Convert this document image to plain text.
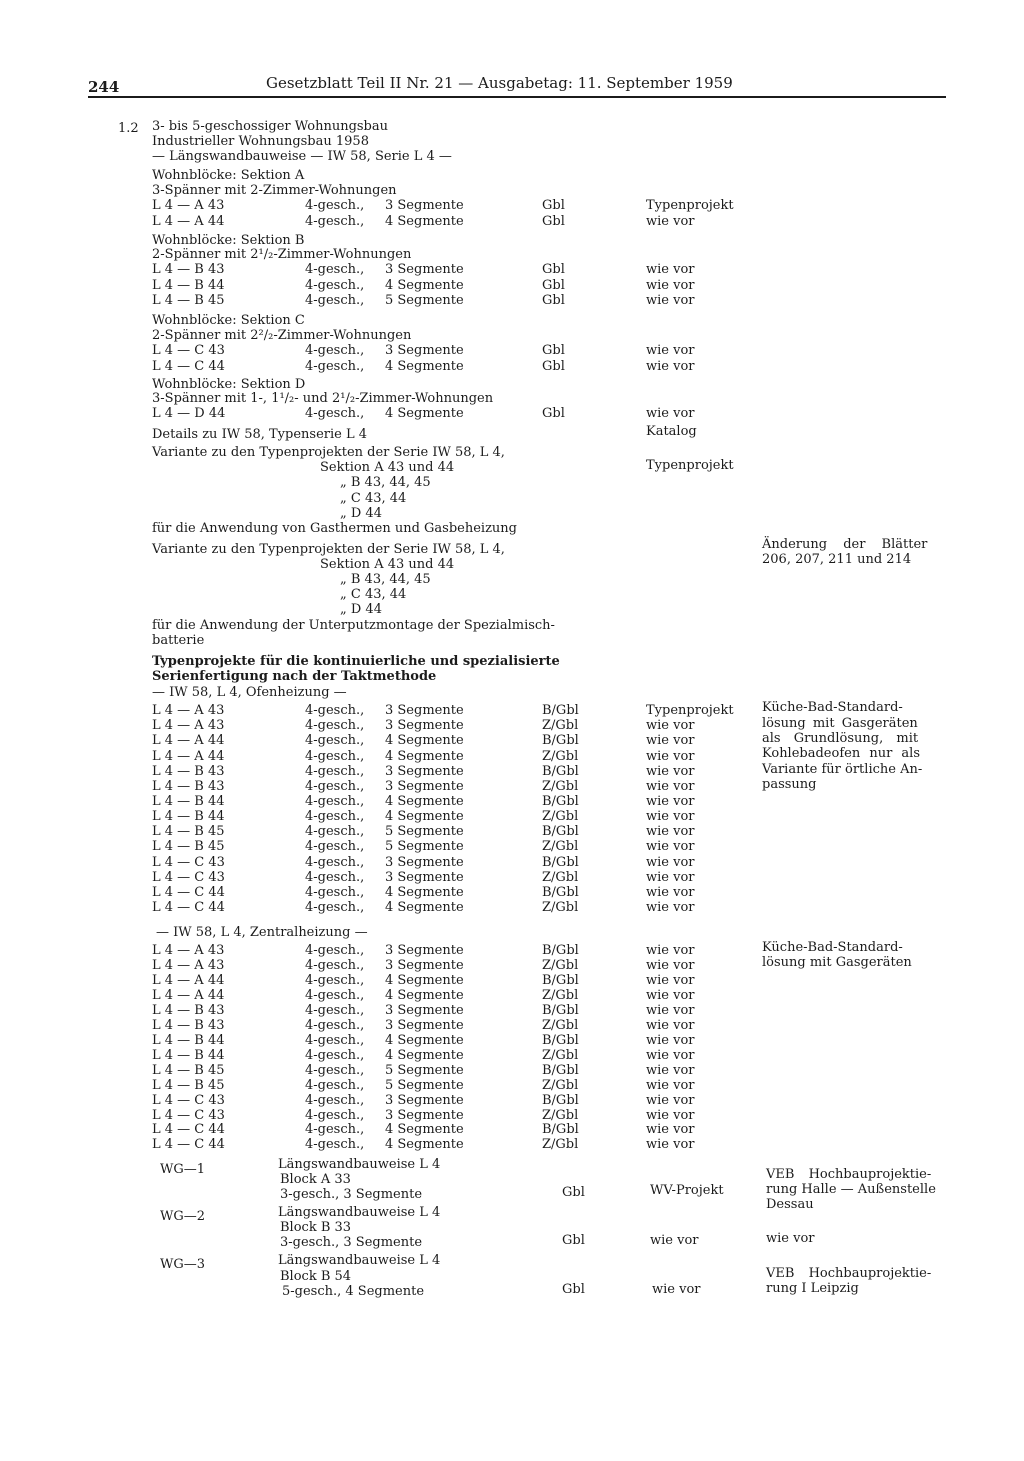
244	Gesetzblatt Teil II Nr. 21 — Ausgabetag: 11. September 1959
1.2 3- bis 5-geschossiger Wohnungsbau
Industrieller Wohnungsbau 1958
— Längswandbauweise — IW 58, Serie L 4 —
Wohnblöcke: Sektion A
3-Spänner mit 2-Zimmer-Wohnungen
L 4 — A 43	4-gesch., 3 Segmente	Gbl	Typenprojekt
L 4 — A 44	4-gesch., 4 Segmente	Gbl	wie vor
Wohnblöcke: Sektion B
2-Spänner mit 2¹/₂-Zimmer-Wohnungen
L 4 — B 43	4-gesch., 3 Segmente	Gbl	wie vor
L 4 — B 44	4-gesch., 4 Segmente	Gbl	wie vor
L 4 — B 45	4-gesch., 5 Segmente	Gbl	wie vor
Wohnblöcke: Sektion C
2-Spänner mit 2²/₂-Zimmer-Wohnungen
L 4 — C 43	4-gesch., 3 Segmente	Gbl	wie vor
L 4 — C 44	4-gesch., 4 Segmente	Gbl	wie vor
Wohnblöcke: Sektion D
3-Spänner mit 1-, 1¹/₂- und 2¹/₂-Zimmer-Wohnungen
L 4 — D 44	4-gesch., 4 Segmente	Gbl	wie vor
Details zu IW 58, Typenserie L 4	Katalog
Variante zu den Typenprojekten der Serie IW 58, L 4,
Sektion A 43 und 44
„ B 43, 44, 45
„ C 43, 44
„ D 44
für die Anwendung von Gasthermen und Gasbeheizung
Typenprojekt
Variante zu den Typenprojekten der Serie IW 58, L 4,
Sektion A 43 und 44
„ B 43, 44, 45
„ C 43, 44
„ D 44
für die Anwendung der Unterputzmontage der Spezialmisch-
batterie
Änderung der Blätter
206, 207, 211 und 214
Typenprojekte für die kontinuierliche und spezialisierte
Serienfertigung nach der Taktmethode
— IW 58, L 4, Ofenheizung —
L 4 — A 43	4-gesch., 3 Segmente	B/Gbl	Typenprojekt
L 4 — A 43	4-gesch., 3 Segmente	Z/Gbl	wie vor
L 4 — A 44	4-gesch., 4 Segmente	B/Gbl	wie vor
L 4 — A 44	4-gesch., 4 Segmente	Z/Gbl	wie vor
L 4 — B 43	4-gesch., 3 Segmente	B/Gbl	wie vor
L 4 — B 43	4-gesch., 3 Segmente	Z/Gbl	wie vor
L 4 — B 44	4-gesch., 4 Segmente	B/Gbl	wie vor
L 4 — B 44	4-gesch., 4 Segmente	Z/Gbl	wie vor
L 4 — B 45	4-gesch., 5 Segmente	B/Gbl	wie vor
L 4 — B 45	4-gesch., 5 Segmente	Z/Gbl	wie vor
L 4 — C 43	4-gesch., 3 Segmente	B/Gbl	wie vor
L 4 — C 43	4-gesch., 3 Segmente	Z/Gbl	wie vor
L 4 — C 44	4-gesch., 4 Segmente	B/Gbl	wie vor
L 4 — C 44	4-gesch., 4 Segmente	Z/Gbl	wie vor
Küche-Bad-Standard-
lösung mit Gasgeräten
als Grundlösung, mit
Kohlebadeofen nur als
Variante für örtliche An-
passung
— IW 58, L 4, Zentralheizung —
L 4 — A 43	4-gesch., 3 Segmente	B/Gbl	wie vor
L 4 — A 43	4-gesch., 3 Segmente	Z/Gbl	wie vor
L 4 — A 44	4-gesch., 4 Segmente	B/Gbl	wie vor
L 4 — A 44	4-gesch., 4 Segmente	Z/Gbl	wie vor
L 4 — B 43	4-gesch., 3 Segmente	B/Gbl	wie vor
L 4 — B 43	4-gesch., 3 Segmente	Z/Gbl	wie vor
L 4 — B 44	4-gesch., 4 Segmente	B/Gbl	wie vor
L 4 — B 44	4-gesch., 4 Segmente	Z/Gbl	wie vor
L 4 — B 45	4-gesch., 5 Segmente	B/Gbl	wie vor
L 4 — B 45	4-gesch., 5 Segmente	Z/Gbl	wie vor
L 4 — C 43	4-gesch., 3 Segmente	B/Gbl	wie vor
L 4 — C 43	4-gesch., 3 Segmente	Z/Gbl	wie vor
L 4 — C 44	4-gesch., 4 Segmente	B/Gbl	wie vor
L 4 — C 44	4-gesch., 4 Segmente	Z/Gbl	wie vor
Küche-Bad-Standard-
lösung mit Gasgeräten
WG—1	Längswandbauweise L 4
Block A 33
3-gesch., 3 Segmente	Gbl	WV-Projekt
VEB Hochbauprojektie-
rung Halle — Außenstelle
Dessau
WG—2	Längswandbauweise L 4
Block B 33
3-gesch., 3 Segmente	Gbl	wie vor	wie vor
WG—3	Längswandbauweise L 4
Block B 54
5-gesch., 4 Segmente	Gbl	wie vor
VEB Hochbauprojektie-
rung I Leipzig
